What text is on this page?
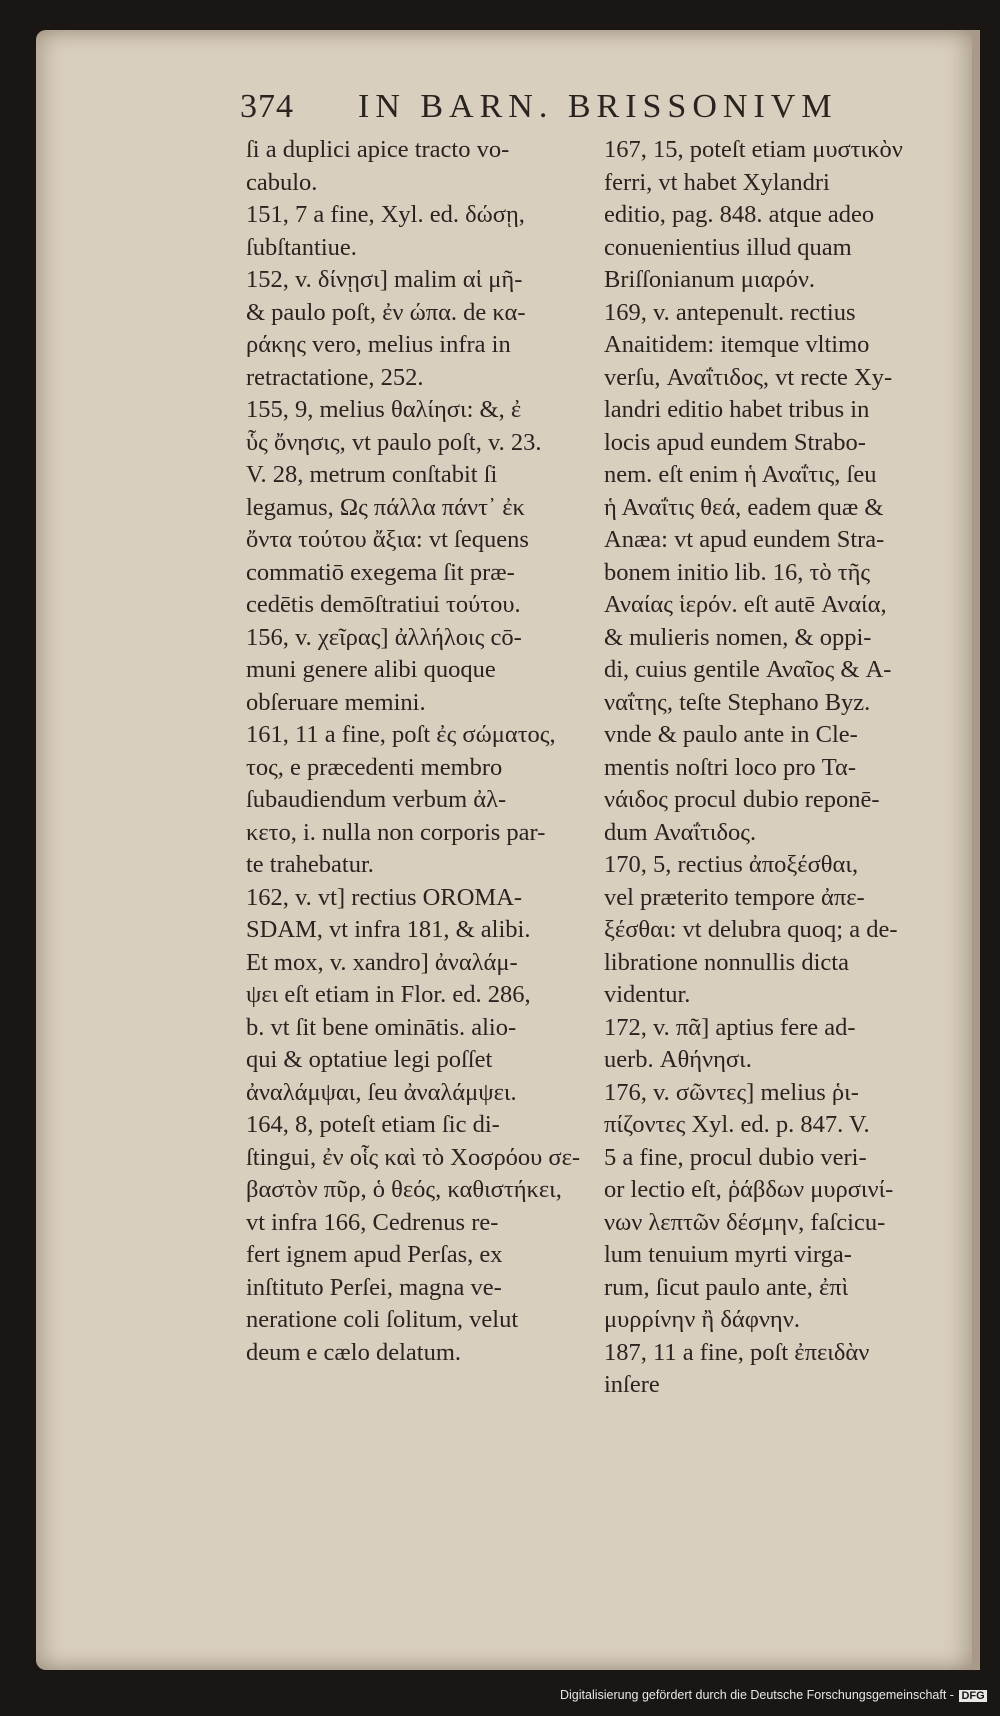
374 IN BARN. BRISSONIVM
ſi a duplici apice tracto vo-
cabulo.
151, 7 a fine, Xyl. ed. δώσῃ,
ſubſtantiue.
152, v. δίνῃσι] malim αἱ μῆ-
& paulo poſt, ἐν ώπα. de κα-
ράκης vero, melius infra in
retractatione, 252.
155, 9, melius θαλίησι: &, ἐ
ὗς ὄνησις, vt paulo poſt, v. 23.
V. 28, metrum conſtabit ſi
legamus, Ως πάλλα πάντ᾽ ἐκ
ὄντα τούτου ἄξια: vt ſequens
commatiō exegema ſit præ-
cedētis demōſtratiui τούτου.
156, v. χεῖρας] ἀλλήλοις cō-
muni genere alibi quoque
obſeruare memini.
161, 11 a fine, poſt ἐς σώματος,
τος, e præcedenti membro
ſubaudiendum verbum ἀλ-
κετο, i. nulla non corporis par-
te trahebatur.
162, v. vt] rectius OROMA-
SDAM, vt infra 181, & alibi.
Et mox, v. xandro] ἀναλάμ-
ψει eſt etiam in Flor. ed. 286,
b. vt ſit bene ominātis. alio-
qui & optatiue legi poſſet
ἀναλάμψαι, ſeu ἀναλάμψει.
164, 8, poteſt etiam ſic di-
ſtingui, ἐν οἷς καὶ τὸ Χοσρόου σε-
βαστὸν πῦρ, ὁ θεός, καθιστήκει,
vt infra 166, Cedrenus re-
fert ignem apud Perſas, ex
inſtituto Perſei, magna ve-
neratione coli ſolitum, velut
deum e cælo delatum.
167, 15, poteſt etiam μυστικὸν
ferri, vt habet Xylandri
editio, pag. 848. atque adeo
conuenientius illud quam
Briſſonianum μιαρόν.
169, v. antepenult. rectius
Anaitidem: itemque vltimo
verſu, Αναΐτιδος, vt recte Xy-
landri editio habet tribus in
locis apud eundem Strabo-
nem. eſt enim ἡ Αναΐτις, ſeu
ἡ Αναΐτις θεά, eadem quæ &
Anæa: vt apud eundem Stra-
bonem initio lib. 16, τὸ τῆς
Αναίας ἱερόν. eſt autē Αναία,
& mulieris nomen, & oppi-
di, cuius gentile Αναῖος & A-
ναΐτης, teſte Stephano Byz.
vnde & paulo ante in Cle-
mentis noſtri loco pro Τα-
νάιδος procul dubio reponē-
dum Αναΐτιδος.
170, 5, rectius ἀποξέσθαι,
vel præterito tempore ἀπε-
ξέσθαι: vt delubra quoq; a de-
libratione nonnullis dicta
videntur.
172, v. πᾶ] aptius fere ad-
uerb. Αθήνησι.
176, v. σῶντες] melius ῥι-
πίζοντες Xyl. ed. p. 847. V.
5 a fine, procul dubio veri-
or lectio eſt, ῥάβδων μυρσινί-
νων λεπτῶν δέσμην, faſcicu-
lum tenuium myrti virga-
rum, ſicut paulo ante, ἐπὶ
μυρρίνην ἢ δάφνην.
187, 11 a fine, poſt ἐπειδὰν
inſere
Digitalisierung gefördert durch die Deutsche Forschungsgemeinschaft - DFG
